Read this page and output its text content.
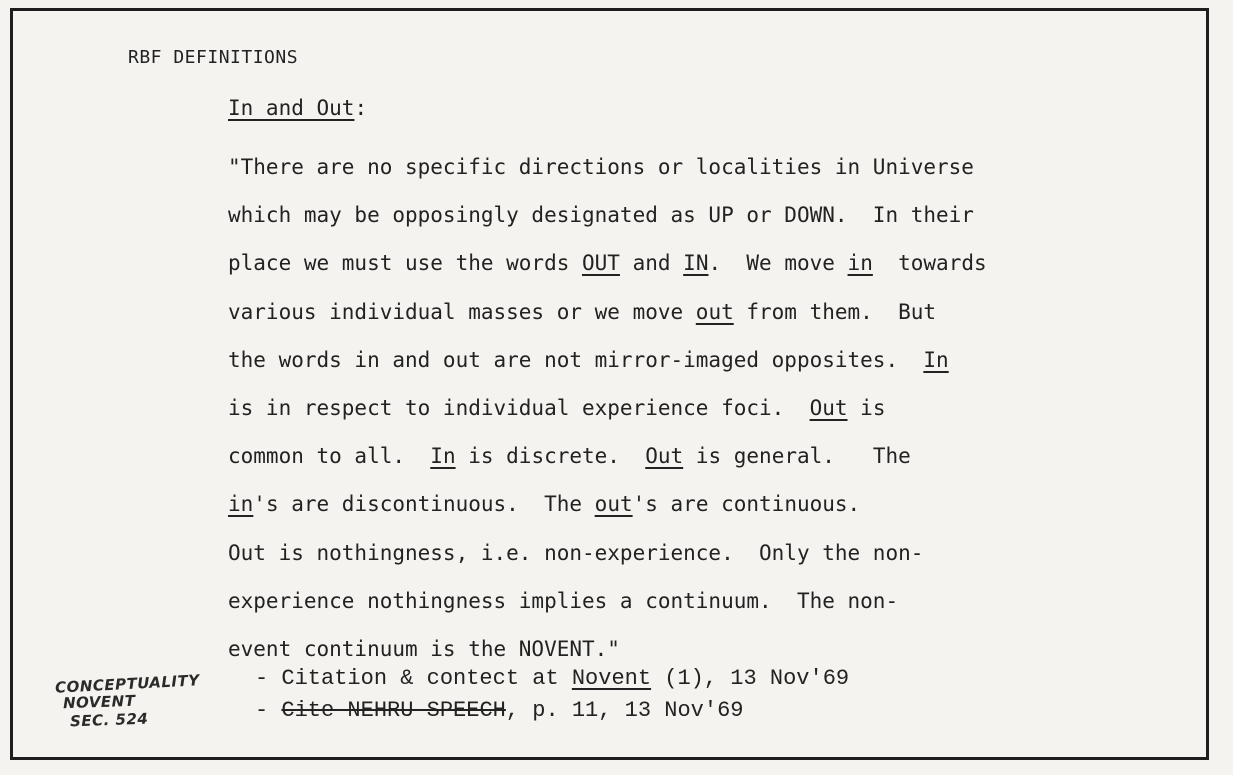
RBF DEFINITIONS
In and Out:
"There are no specific directions or localities in Universe
which may be opposingly designated as UP or DOWN.  In their
place we must use the words OUT and IN.  We move in  towards
various individual masses or we move out from them.  But
the words in and out are not mirror-imaged opposites.  In
is in respect to individual experience foci.  Out is
common to all.  In is discrete.  Out is general.   The
in's are discontinuous.  The out's are continuous.
Out is nothingness, i.e. non-experience.  Only the non-
experience nothingness implies a continuum.  The non-
event continuum is the NOVENT."
- Citation & contect at Novent (1), 13 Nov'69
- Cite NEHRU SPEECH, p. 11, 13 Nov'69
CONCEPTUALITY
NOVENT
SEC. 524
